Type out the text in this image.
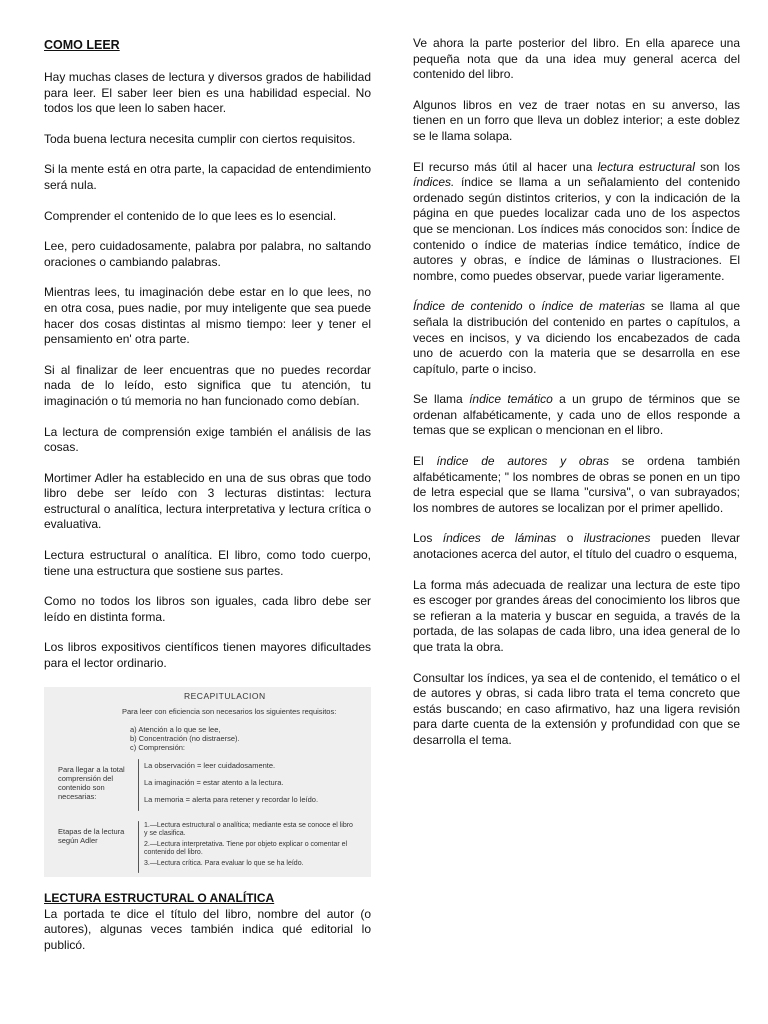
COMO LEER

Hay muchas clases de lectura y diversos grados de habilidad para leer. El saber leer bien es una habilidad especial. No todos los que leen lo saben hacer.

Toda buena lectura necesita cumplir con ciertos requisitos.

Si la mente está en otra parte, la capacidad de entendimiento será nula.

Comprender el contenido de lo que lees es lo esencial.

Lee, pero cuidadosamente, palabra por palabra, no saltando oraciones o cambiando palabras.

Mientras lees, tu imaginación debe estar en lo que lees, no en otra cosa, pues nadie, por muy inteligente que sea puede hacer dos cosas distintas al mismo tiempo: leer y tener el pensamiento en' otra parte.

Si al finalizar de leer encuentras que no puedes recordar nada de lo leído, esto significa que tu atención, tu imaginación o tú memoria no han funcionado como debían.

La lectura de comprensión exige también el análisis de las cosas.

Mortimer Adler ha establecido en una de sus obras que todo libro debe ser leído con 3 lecturas distintas: lectura estructural o analítica, lectura interpretativa y lectura crítica o evaluativa.

Lectura estructural o analítica. El libro, como todo cuerpo, tiene una estructura que sostiene sus partes.

Como no todos los libros son iguales, cada libro debe ser leído en distinta forma.

Los libros expositivos científicos tienen mayores dificultades para el lector ordinario.

RECAPITULACION
Para leer con eficiencia son necesarios los siguientes requisitos:
a) Atención a lo que se lee,
b) Concentración (no distraerse).
c) Comprensión:
Para llegar a la total comprensión del contenido son necesarias:
La observación = leer cuidadosamente.
La imaginación = estar atento a la lectura.
La memoria = alerta para retener y recordar lo leído.
Etapas de la lectura según Adler
1.—Lectura estructural o analítica; mediante esta se conoce el libro y se clasifica.
2.—Lectura interpretativa. Tiene por objeto explicar o comentar el contenido del libro.
3.—Lectura crítica. Para evaluar lo que se ha leído.
LECTURA ESTRUCTURAL O ANALÍTICA

La portada te dice el título del libro, nombre del autor (o autores), algunas veces también indica qué editorial lo publicó.

Ve ahora la parte posterior del libro. En ella aparece una pequeña nota que da una idea muy general acerca del contenido del libro.

Algunos libros en vez de traer notas en su anverso, las tienen en un forro que lleva un doblez interior; a este doblez se le llama solapa.

El recurso más útil al hacer una lectura estructural son los índices. índice se llama a un señalamiento del contenido ordenado según distintos criterios, y con la indicación de la página en que puedes localizar cada uno de los aspectos que se mencionan. Los índices más conocidos son: Índice de contenido o índice de materias índice temático, índice de autores y obras, e índice de láminas o Ilustraciones. El nombre, como puedes observar, puede variar ligeramente.

Índice de contenido o índice de materias se llama al que señala la distribución del contenido en partes o capítulos, a veces en incisos, y va diciendo los encabezados de cada uno de acuerdo con la materia que se desarrolla en ese capítulo, parte o inciso.

Se llama índice temático a un grupo de términos que se ordenan alfabéticamente, y cada uno de ellos responde a temas que se explican o mencionan en el libro.

El índice de autores y obras se ordena también alfabéticamente; " los nombres de obras se ponen en un tipo de letra especial que se llama "cursiva", o van subrayados; los nombres de autores se localizan por el primer apellido.

Los índices de láminas o ilustraciones pueden llevar anotaciones acerca del autor, el título del cuadro o esquema,

La forma más adecuada de realizar una lectura de este tipo es escoger por grandes áreas del conocimiento los libros que se refieran a la materia y buscar en seguida, a través de la portada, de las solapas de cada libro, una idea general de lo que trata la obra.

Consultar los índices, ya sea el de contenido, el temático o el de autores y obras, si cada libro trata el tema concreto que estás buscando; en caso afirmativo, haz una ligera revisión para darte cuenta de la extensión y profundidad con que se desarrolla el tema.
